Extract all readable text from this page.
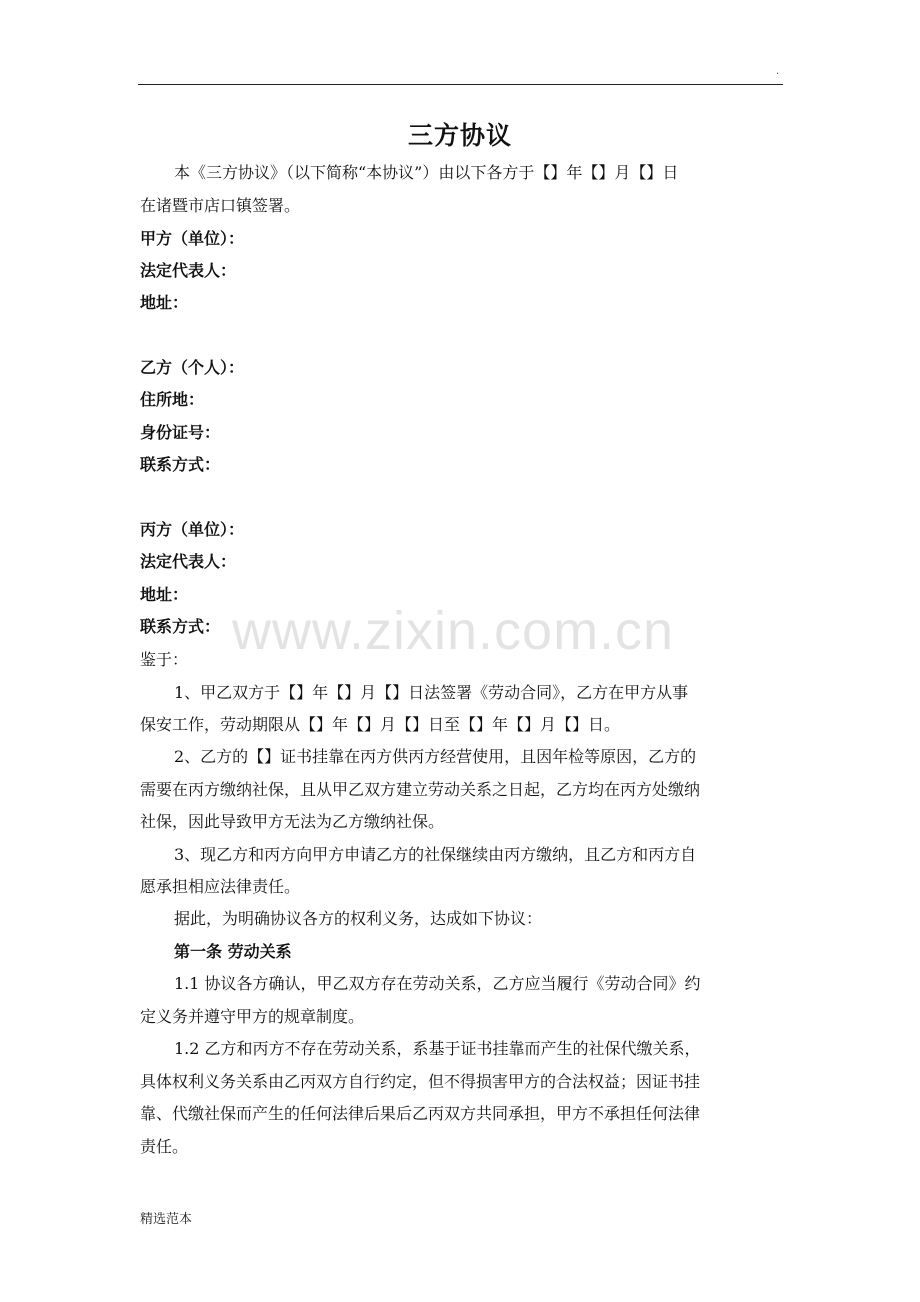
.
三方协议
本《三方协议》（以下简称“本协议”）由以下各方于【】年【】月【】日
在诸暨市店口镇签署。
甲方（单位）：
法定代表人：
地址：
乙方（个人）：
住所地：
身份证号：
联系方式：
丙方（单位）：
法定代表人：
地址：
联系方式：
鉴于：
1、甲乙双方于【】年【】月【】日法签署《劳动合同》，乙方在甲方从事
保安工作，劳动期限从【】年【】月【】日至【】年【】月【】日。
2、乙方的【】证书挂靠在丙方供丙方经营使用，且因年检等原因，乙方的
需要在丙方缴纳社保，且从甲乙双方建立劳动关系之日起，乙方均在丙方处缴纳
社保，因此导致甲方无法为乙方缴纳社保。
3、现乙方和丙方向甲方申请乙方的社保继续由丙方缴纳，且乙方和丙方自
愿承担相应法律责任。
据此，为明确协议各方的权利义务，达成如下协议：
第一条 劳动关系
1.1 协议各方确认，甲乙双方存在劳动关系，乙方应当履行《劳动合同》约
定义务并遵守甲方的规章制度。
1.2 乙方和丙方不存在劳动关系，系基于证书挂靠而产生的社保代缴关系，
具体权利义务关系由乙丙双方自行约定，但不得损害甲方的合法权益；因证书挂
靠、代缴社保而产生的任何法律后果后乙丙双方共同承担，甲方不承担任何法律
责任。
www.zixin.com.cn
精选范本
